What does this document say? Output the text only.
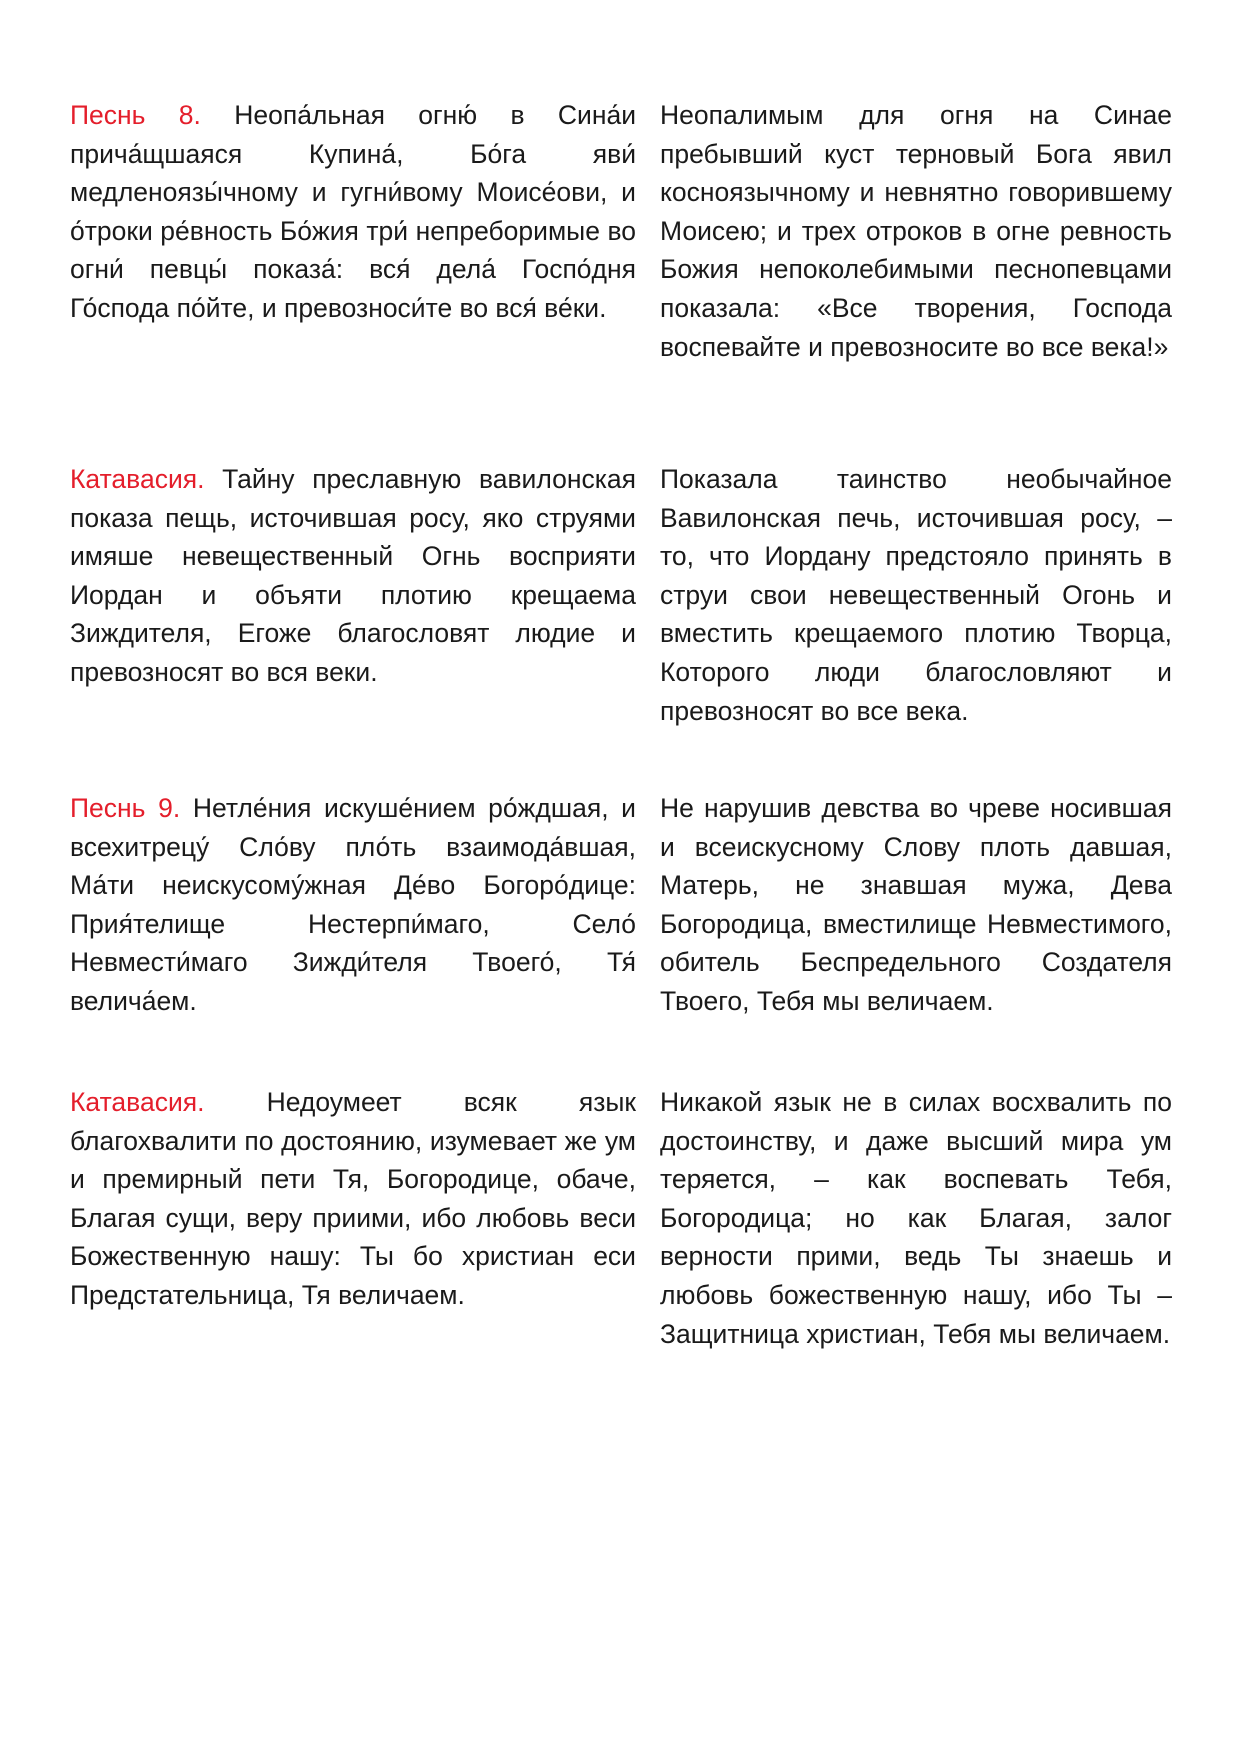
Песнь 8. Неопа́льная огню́ в Сина́и прича́щшаяся Купина́, Бо́га яви́ медленоязы́чному и гугни́вому Моисе́ови, и о́троки ре́вность Бо́жия три́ непреборимые во огни́ певцы́ показа́: вся́ дела́ Госпо́дня Го́спода по́йте, и превозноси́те во вся́ ве́ки.
Неопалимым для огня на Синае пребывший куст терновый Бога явил косноязычному и невнятно говорившему Моисею; и трех отроков в огне ревность Божия непоколебимыми песнопевцами показала: «Все творения, Господа воспевайте и превозносите во все века!»
Катавасия. Тайну преславную вавилонская показа пещь, источившая росу, яко струями имяше невещественный Огнь восприяти Иордан и объяти плотию крещаема Зиждителя, Егоже благословят людие и превозносят во вся веки.
Показала таинство необычайное Вавилонская печь, источившая росу, – то, что Иордану предстояло принять в струи свои невещественный Огонь и вместить крещаемого плотию Творца, Которого люди благословляют и превозносят во все века.
Песнь 9. Нетле́ния искуше́нием ро́ждшая, и всехитрецу́ Сло́ву пло́ть взаимода́вшая, Ма́ти неискусому́жная Де́во Богоро́дице: Прия́телище Нестерпи́маго, Село́ Невмести́маго Зижди́теля Твоего́, Тя́ велича́ем.
Не нарушив девства во чреве носившая и всеискусному Слову плоть давшая, Матерь, не знавшая мужа, Дева Богородица, вместилище Невместимого, обитель Беспредельного Создателя Твоего, Тебя мы величаем.
Катавасия. Недоумеет всяк язык благохвалити по достоянию, изумевает же ум и премирный пети Тя, Богородице, обаче, Благая сущи, веру приими, ибо любовь веси Божественную нашу: Ты бо христиан еси Предстательница, Тя величаем.
Никакой язык не в силах восхвалить по достоинству, и даже высший мира ум теряется, – как воспевать Тебя, Богородица; но как Благая, залог верности прими, ведь Ты знаешь и любовь божественную нашу, ибо Ты – Защитница христиан, Тебя мы величаем.
